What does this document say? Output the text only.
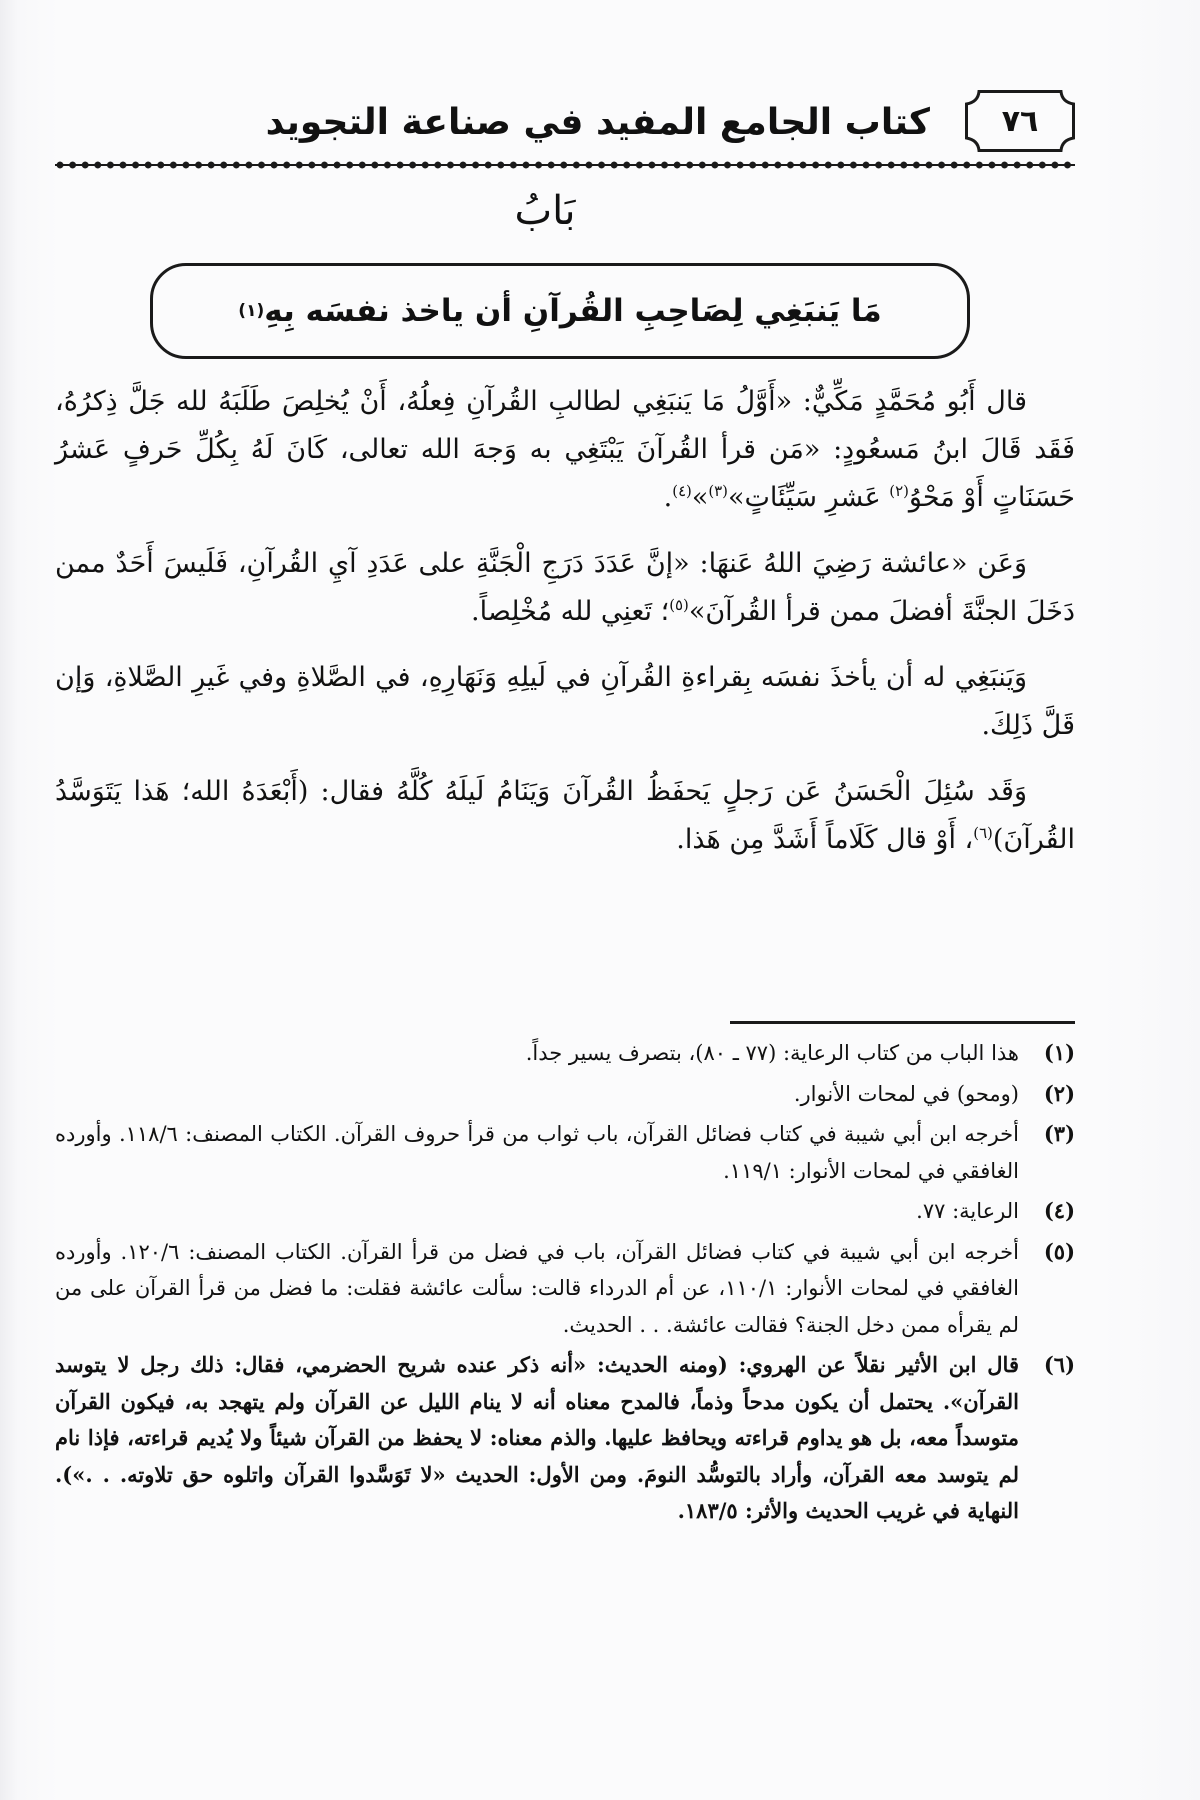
٧٦
كتاب الجامع المفيد في صناعة التجويد
بَابُ
مَا يَنبَغِي لِصَاحِبِ القُرآنِ أن ياخذ نفسَه بِهِ
(١)

قال أَبُو مُحَمَّدٍ مَكِّيٌّ: «أَوَّلُ مَا يَنبَغِي لطالبِ القُرآنِ فِعلُهُ، أَنْ يُخلِصَ طَلَبَهُ لله جَلَّ ذِكرُهُ، فَقَد قَالَ ابنُ مَسعُودٍ: «مَن قرأ القُرآنَ يَبْتَغِي به وَجهَ الله تعالى، كَانَ لَهُ بِكُلِّ حَرفٍ عَشرُ حَسَنَاتٍ أَوْ مَحْوُ$^{(٢)}$ عَشرِ سَيِّئَاتٍ»$^{(٣)}$»$^{(٤)}$.

وَعَن «عائشة رَضِيَ اللهُ عَنهَا: «إنَّ عَدَدَ دَرَجِ الْجَنَّةِ على عَدَدِ آيِ القُرآنِ، فَلَيسَ أَحَدٌ ممن دَخَلَ الجنَّةَ أفضلَ ممن قرأ القُرآنَ»$^{(٥)}$؛ تَعنِي لله مُخْلِصاً.

وَيَنبَغِي له أن يأخذَ نفسَه بِقراءةِ القُرآنِ في لَيلِهِ وَنَهَارِهِ، في الصَّلاةِ وفي غَيرِ الصَّلاةِ، وَإن قَلَّ ذَلِكَ.

وَقَد سُئِلَ الْحَسَنُ عَن رَجلٍ يَحفَظُ القُرآنَ وَيَنَامُ لَيلَهُ كُلَّهُ فقال: (أَبْعَدَهُ الله؛ هَذا يَتَوَسَّدُ القُرآنَ)$^{(٦)}$، أَوْ قال كَلَاماً أَشَدَّ مِن هَذا.

(١)
هذا الباب من كتاب الرعاية: (٧٧ ـ ٨٠)، بتصرف يسير جداً.
(٢)
(ومحو) في لمحات الأنوار.
(٣)
أخرجه ابن أبي شيبة في كتاب فضائل القرآن، باب ثواب من قرأ حروف القرآن. الكتاب المصنف: ١١٨/٦. وأورده الغافقي في لمحات الأنوار: ١١٩/١.
(٤)
الرعاية: ٧٧.
(٥)
أخرجه ابن أبي شيبة في كتاب فضائل القرآن، باب في فضل من قرأ القرآن. الكتاب المصنف: ١٢٠/٦. وأورده الغافقي في لمحات الأنوار: ١١٠/١، عن أم الدرداء قالت: سألت عائشة فقلت: ما فضل من قرأ القرآن على من لم يقرأه ممن دخل الجنة؟ فقالت عائشة. . . الحديث.
(٦)
قال ابن الأثير نقلاً عن الهروي: (ومنه الحديث: «أنه ذكر عنده شريح الحضرمي، فقال: ذلك رجل لا يتوسد القرآن». يحتمل أن يكون مدحاً وذماً، فالمدح معناه أنه لا ينام الليل عن القرآن ولم يتهجد به، فيكون القرآن متوسداً معه، بل هو يداوم قراءته ويحافظ عليها. والذم معناه: لا يحفظ من القرآن شيئاً ولا يُديم قراءته، فإذا نام لم يتوسد معه القرآن، وأراد بالتوسُّد النومَ. ومن الأول: الحديث «لا تَوَسَّدوا القرآن واتلوه حق تلاوته. . .»). النهاية في غريب الحديث والأثر: ١٨٣/٥.
